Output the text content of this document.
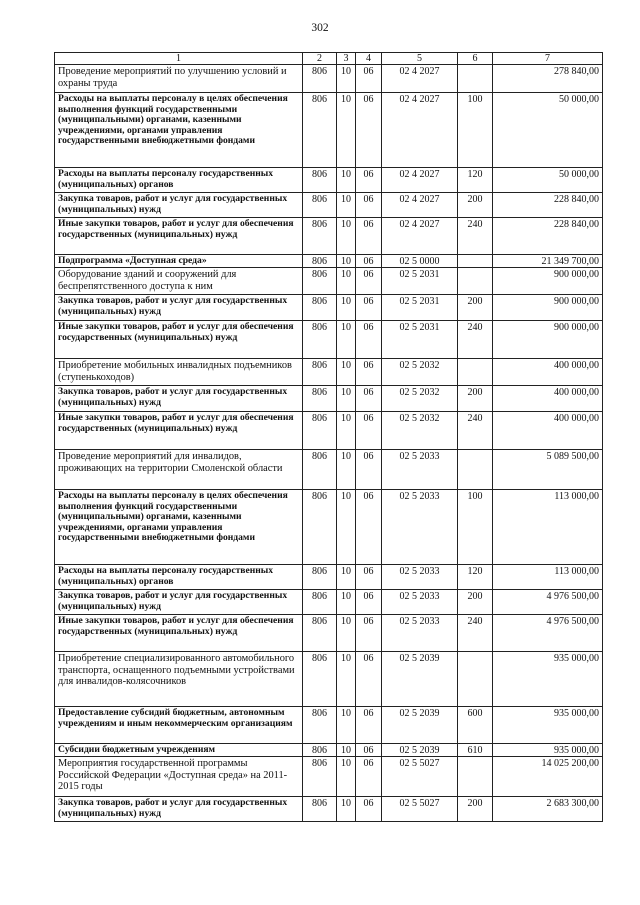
302
1	2	3	4	5	6	7
Проведение мероприятий по улучшению условий и охраны труда	806	10	06	02 4 2027		278 840,00
Расходы на выплаты персоналу в целях обеспечения выполнения функций государственными (муниципальными) органами, казенными учреждениями, органами управления государственными внебюджетными фондами	806	10	06	02 4 2027	100	50 000,00
Расходы на выплаты персоналу государственных (муниципальных) органов	806	10	06	02 4 2027	120	50 000,00
Закупка товаров, работ и услуг для государственных (муниципальных) нужд	806	10	06	02 4 2027	200	228 840,00
Иные закупки товаров, работ и услуг для обеспечения государственных (муниципальных) нужд	806	10	06	02 4 2027	240	228 840,00
Подпрограмма «Доступная среда»	806	10	06	02 5 0000		21 349 700,00
Оборудование зданий и сооружений для беспрепятственного доступа к ним	806	10	06	02 5 2031		900 000,00
Закупка товаров, работ и услуг для государственных (муниципальных) нужд	806	10	06	02 5 2031	200	900 000,00
Иные закупки товаров, работ и услуг для обеспечения государственных (муниципальных) нужд	806	10	06	02 5 2031	240	900 000,00
Приобретение мобильных инвалидных подъемников (ступенькоходов)	806	10	06	02 5 2032		400 000,00
Закупка товаров, работ и услуг для государственных (муниципальных) нужд	806	10	06	02 5 2032	200	400 000,00
Иные закупки товаров, работ и услуг для обеспечения государственных (муниципальных) нужд	806	10	06	02 5 2032	240	400 000,00
Проведение мероприятий для инвалидов, проживающих на территории Смоленской области	806	10	06	02 5 2033		5 089 500,00
Расходы на выплаты персоналу в целях обеспечения выполнения функций государственными (муниципальными) органами, казенными учреждениями, органами управления государственными внебюджетными фондами	806	10	06	02 5 2033	100	113 000,00
Расходы на выплаты персоналу государственных (муниципальных) органов	806	10	06	02 5 2033	120	113 000,00
Закупка товаров, работ и услуг для государственных (муниципальных) нужд	806	10	06	02 5 2033	200	4 976 500,00
Иные закупки товаров, работ и услуг для обеспечения государственных (муниципальных) нужд	806	10	06	02 5 2033	240	4 976 500,00
Приобретение специализированного автомобильного транспорта, оснащенного подъемными устройствами для инвалидов-колясочников	806	10	06	02 5 2039		935 000,00
Предоставление субсидий бюджетным, автономным учреждениям и иным некоммерческим организациям	806	10	06	02 5 2039	600	935 000,00
Субсидии бюджетным учреждениям	806	10	06	02 5 2039	610	935 000,00
Мероприятия государственной программы Российской Федерации «Доступная среда» на 2011-2015 годы	806	10	06	02 5 5027		14 025 200,00
Закупка товаров, работ и услуг для государственных (муниципальных) нужд	806	10	06	02 5 5027	200	2 683 300,00
